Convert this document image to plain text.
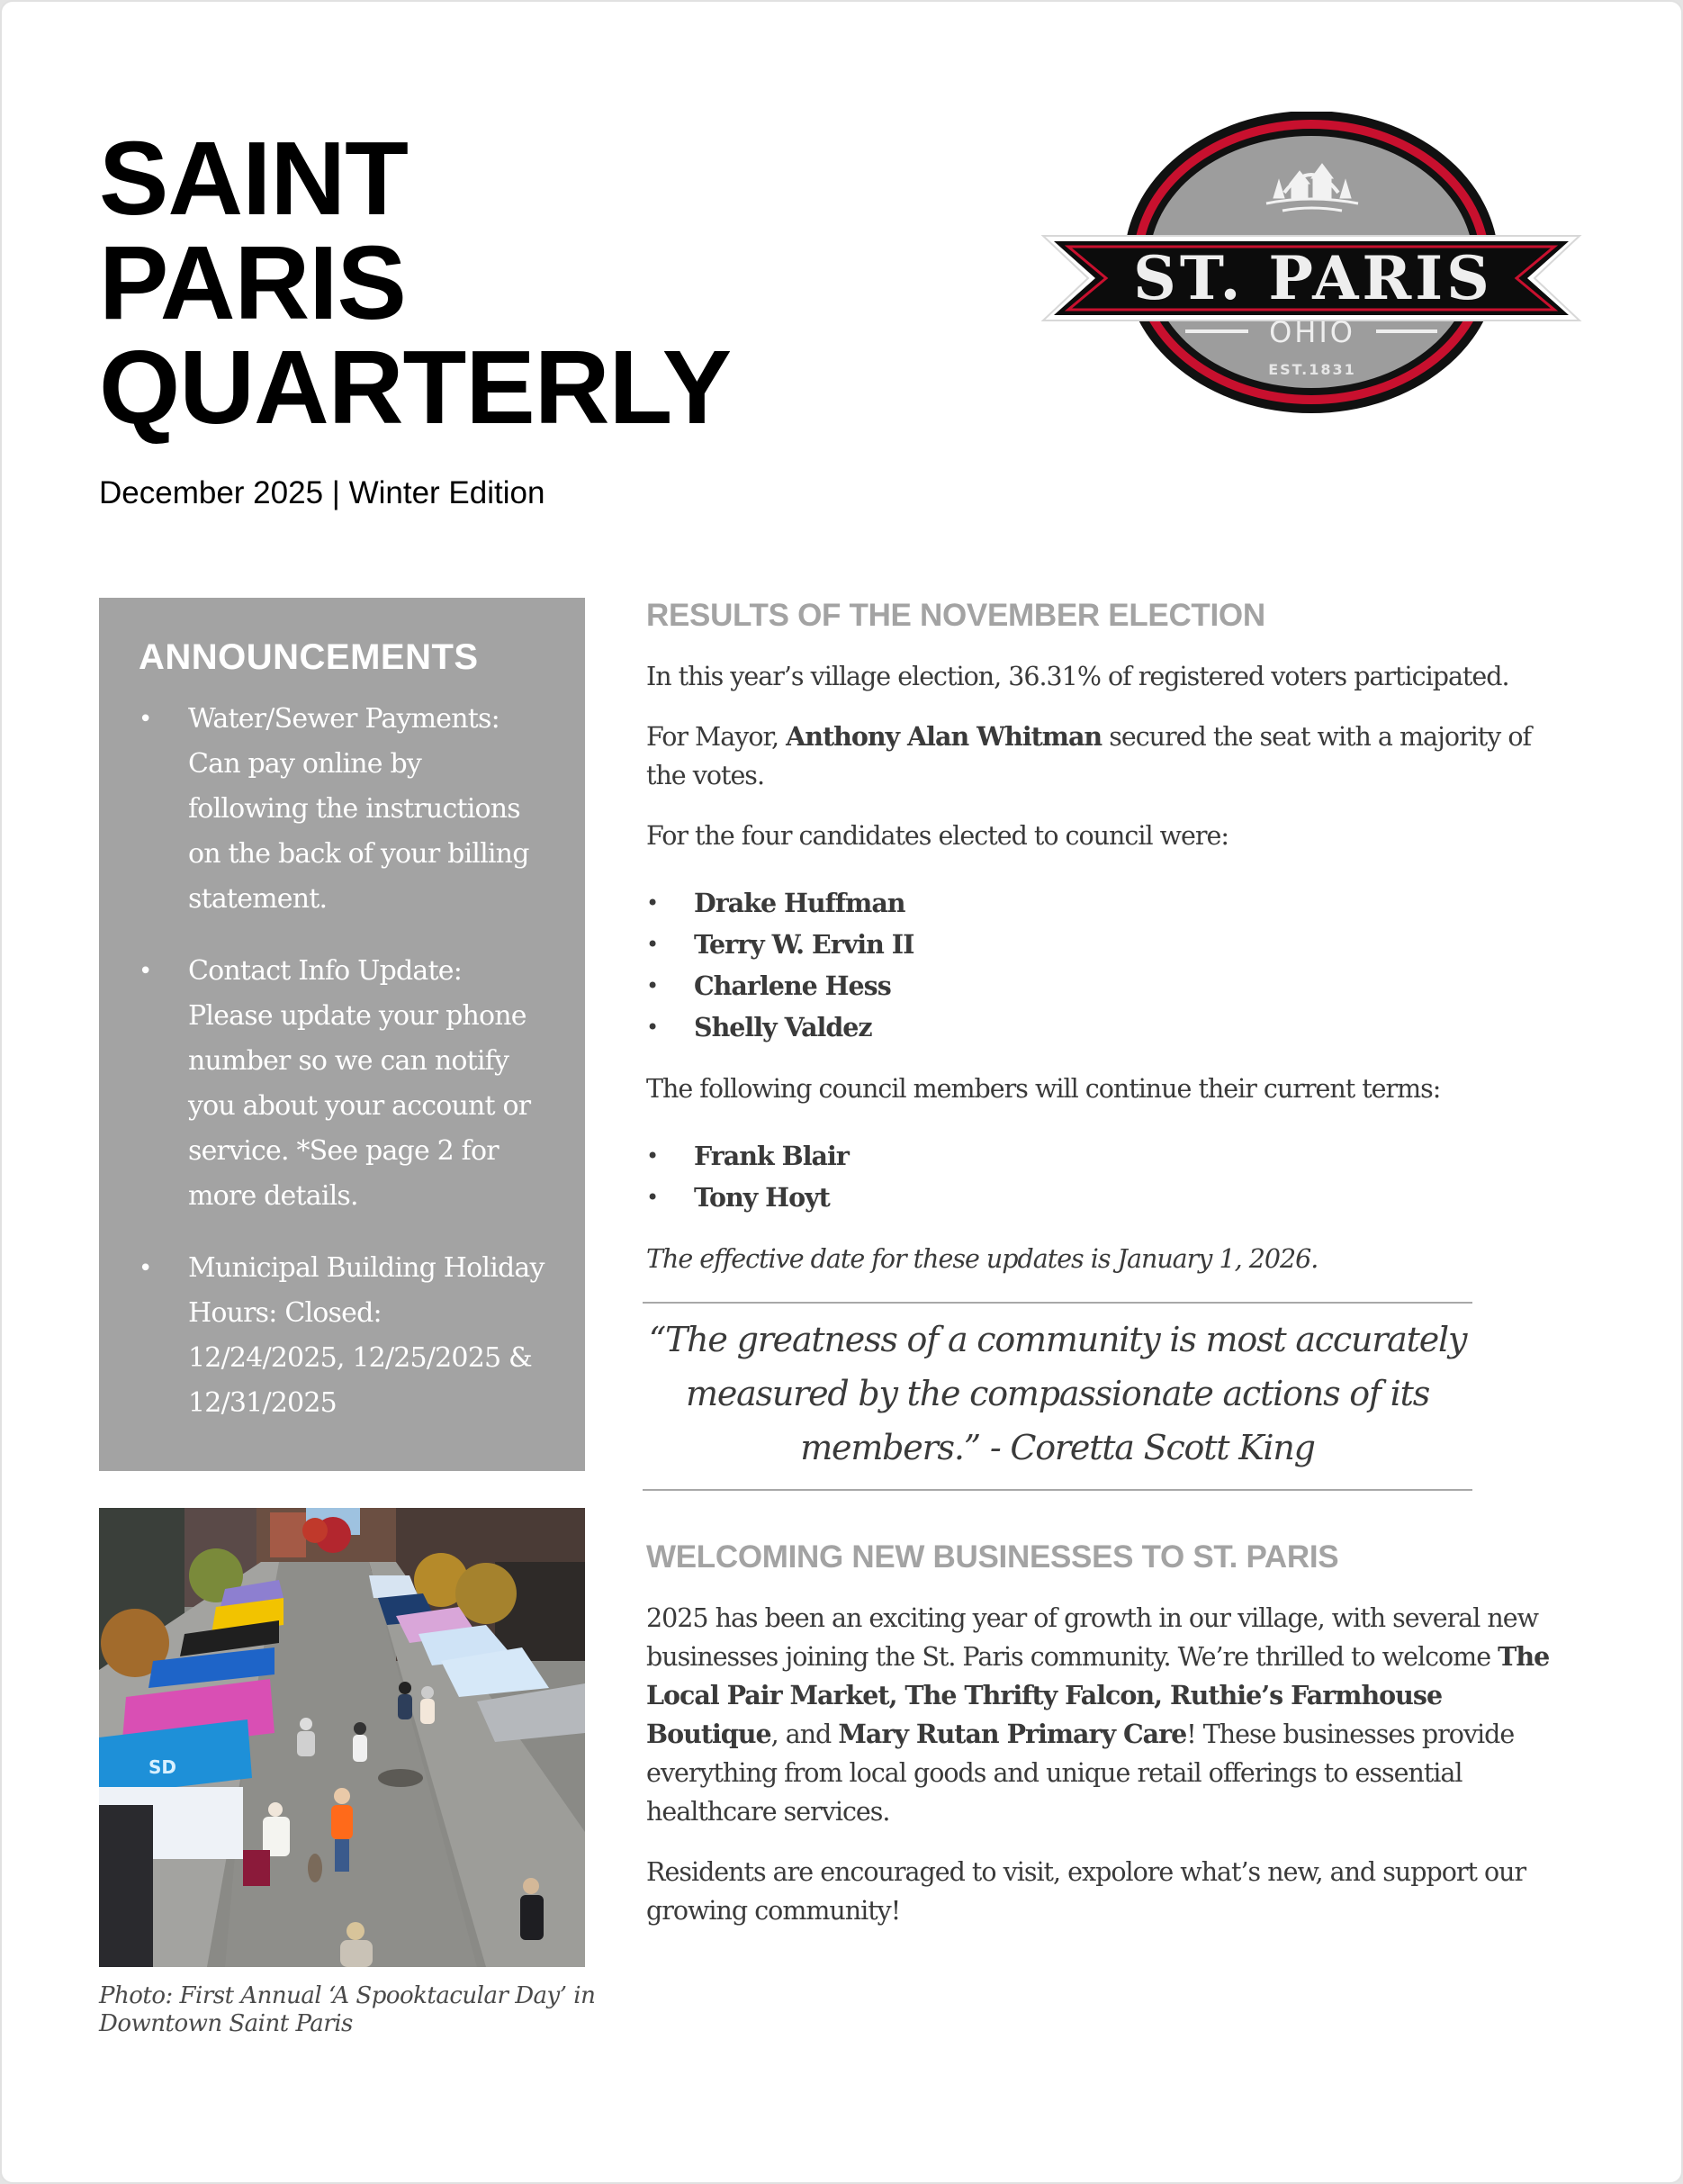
SAINT
PARIS
QUARTERLY
December 2025 | Winter Edition
ST. PARIS
OHIO
EST.1831
ANNOUNCEMENTS
• Water/Sewer Payments: Can pay online by following the instructions on the back of your billing statement.
• Contact Info Update: Please update your phone number so we can notify you about your account or service. *See page 2 for more details.
• Municipal Building Holiday Hours: Closed: 12/24/2025, 12/25/2025 & 12/31/2025
SD
Photo: First Annual ‘A Spooktacular Day’ in Downtown Saint Paris
RESULTS OF THE NOVEMBER ELECTION

In this year’s village election, 36.31% of registered voters participated.

For Mayor, Anthony Alan Whitman secured the seat with a majority of the votes.

For the four candidates elected to council were:

• Drake Huffman
• Terry W. Ervin II
• Charlene Hess
• Shelly Valdez

The following council members will continue their current terms:

• Frank Blair
• Tony Hoyt

The effective date for these updates is January 1, 2026.

“The greatness of a community is most accurately measured by the compassionate actions of its members.” - Coretta Scott King
WELCOMING NEW BUSINESSES TO ST. PARIS

2025 has been an exciting year of growth in our village, with several new businesses joining the St. Paris community. We’re thrilled to welcome The Local Pair Market, The Thrifty Falcon, Ruthie’s Farmhouse Boutique, and Mary Rutan Primary Care! These businesses provide everything from local goods and unique retail offerings to essential healthcare services.

Residents are encouraged to visit, expolore what’s new, and support our growing community!
